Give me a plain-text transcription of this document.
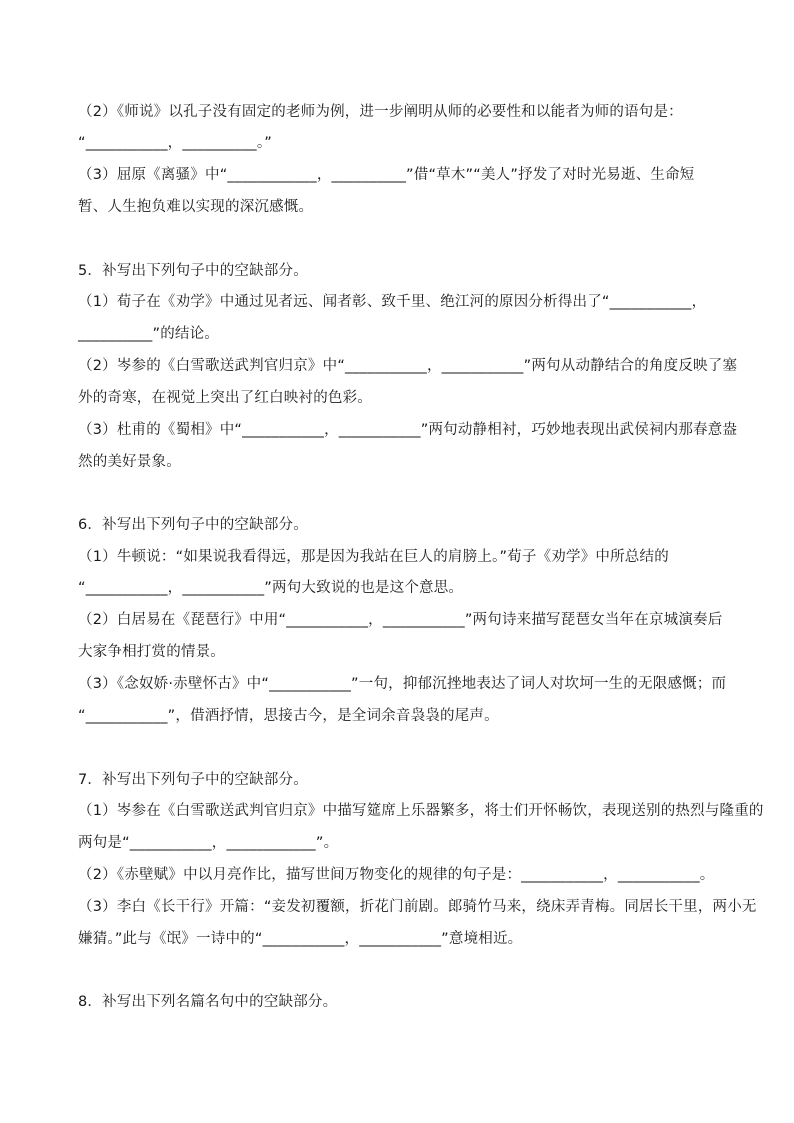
（2）《师说》以孔子没有固定的老师为例，进一步阐明从师的必要性和以能者为师的语句是：
“___________，__________。”
（3）屈原《离骚》中“____________，__________”借“草木”“美人”抒发了对时光易逝、生命短
暂、人生抱负难以实现的深沉感慨。
5．补写出下列句子中的空缺部分。
（1）荀子在《劝学》中通过见者远、闻者彰、致千里、绝江河的原因分析得出了“___________，
__________”的结论。
（2）岑参的《白雪歌送武判官归京》中“___________，___________”两句从动静结合的角度反映了塞
外的奇寒，在视觉上突出了红白映衬的色彩。
（3）杜甫的《蜀相》中“___________，___________”两句动静相衬，巧妙地表现出武侯祠内那春意盎
然的美好景象。
6．补写出下列句子中的空缺部分。
（1）牛顿说：“如果说我看得远，那是因为我站在巨人的肩膀上。”荀子《劝学》中所总结的
“___________，___________”两句大致说的也是这个意思。
（2）白居易在《琵琶行》中用“___________，___________”两句诗来描写琵琶女当年在京城演奏后
大家争相打赏的情景。
（3）《念奴娇·赤壁怀古》中“___________”一句，抑郁沉挫地表达了词人对坎坷一生的无限感慨；而
“___________”，借酒抒情，思接古今，是全词余音袅袅的尾声。
7．补写出下列句子中的空缺部分。
（1）岑参在《白雪歌送武判官归京》中描写筵席上乐器繁多，将士们开怀畅饮，表现送别的热烈与隆重的
两句是“___________，____________”。
（2）《赤壁赋》中以月亮作比，描写世间万物变化的规律的句子是：___________，___________。
（3）李白《长干行》开篇：“妾发初覆额，折花门前剧。郎骑竹马来，绕床弄青梅。同居长干里，两小无
嫌猜。”此与《氓》一诗中的“___________，___________”意境相近。
8．补写出下列名篇名句中的空缺部分。
